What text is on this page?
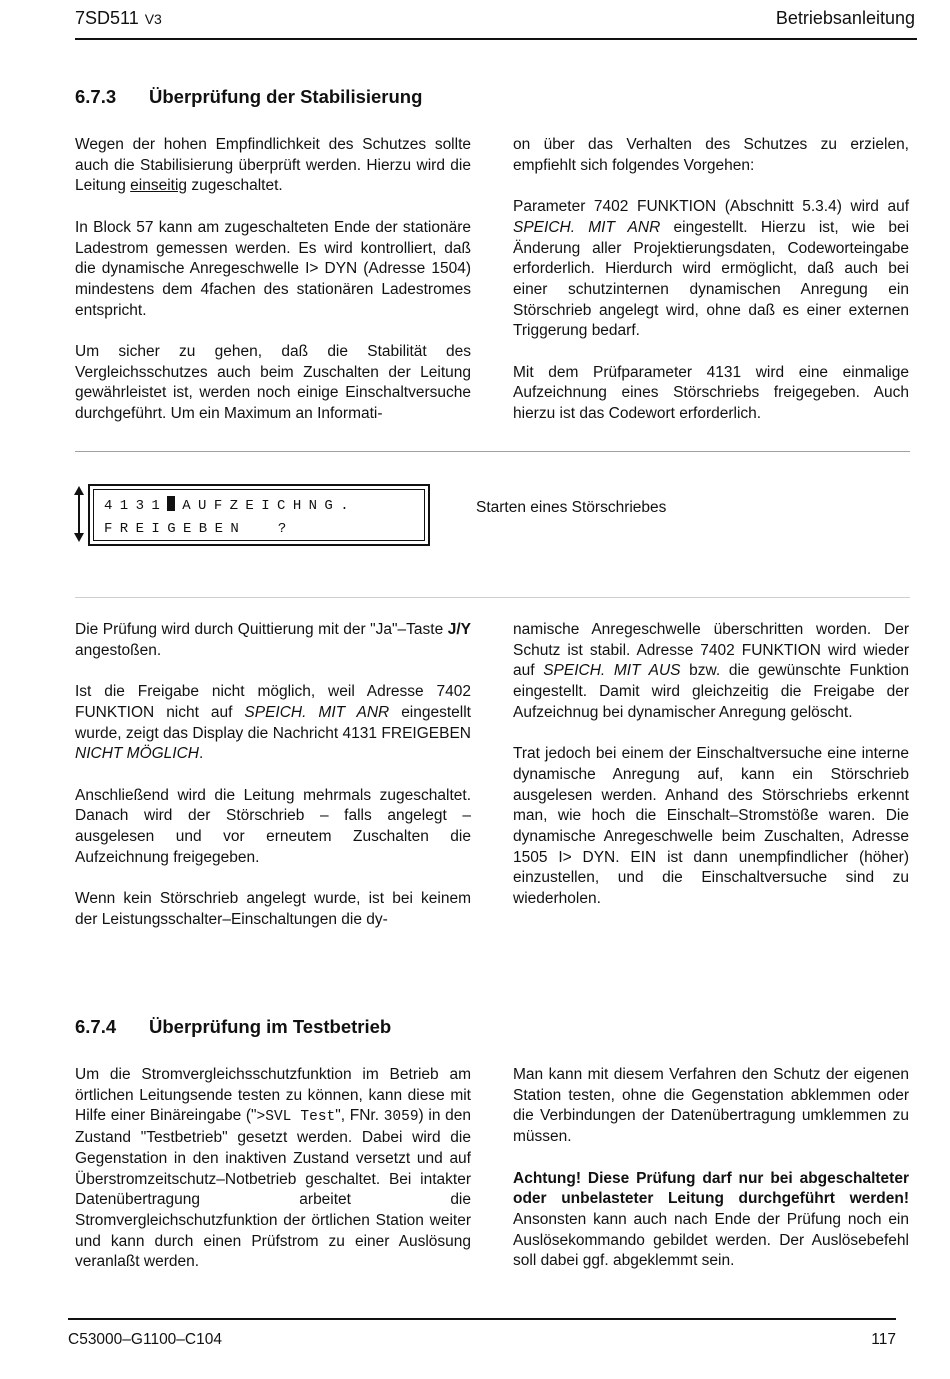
7SD511 V3	Betriebsanleitung
6.7.3 Überprüfung der Stabilisierung

Wegen der hohen Empfindlichkeit des Schutzes sollte auch die Stabilisierung überprüft werden. Hierzu wird die Leitung einseitig zugeschaltet.

In Block 57 kann am zugeschalteten Ende der stationäre Ladestrom gemessen werden. Es wird kontrolliert, daß die dynamische Anregeschwelle I> DYN (Adresse 1504) mindestens dem 4fachen des stationären Ladestromes entspricht.

Um sicher zu gehen, daß die Stabilität des Vergleichsschutzes auch beim Zuschalten der Leitung gewährleistet ist, werden noch einige Einschaltversuche durchgeführt. Um ein Maximum an Informati-

on über das Verhalten des Schutzes zu erzielen, empfiehlt sich folgendes Vorgehen:

Parameter 7402 FUNKTION (Abschnitt 5.3.4) wird auf SPEICH. MIT ANR eingestellt. Hierzu ist, wie bei Änderung aller Projektierungsdaten, Codeworteingabe erforderlich. Hierdurch wird ermöglicht, daß auch bei einer schutzinternen dynamischen Anregung ein Störschrieb angelegt wird, ohne daß es einer externen Triggerung bedarf.

Mit dem Prüfparameter 4131 wird eine einmalige Aufzeichnung eines Störschriebs freigegeben. Auch hierzu ist das Codewort erforderlich.

4131 AUFZEICHNG.
FREIGEBEN  ?
Starten eines Störschriebes

Die Prüfung wird durch Quittierung mit der "Ja"–Taste J/Y angestoßen.

Ist die Freigabe nicht möglich, weil Adresse 7402 FUNKTION nicht auf SPEICH. MIT ANR eingestellt wurde, zeigt das Display die Nachricht 4131 FREIGEBEN NICHT MÖGLICH.

Anschließend wird die Leitung mehrmals zugeschaltet. Danach wird der Störschrieb – falls angelegt – ausgelesen und vor erneutem Zuschalten die Aufzeichnung freigegeben.

Wenn kein Störschrieb angelegt wurde, ist bei keinem der Leistungsschalter–Einschaltungen die dy-

namische Anregeschwelle überschritten worden. Der Schutz ist stabil. Adresse 7402 FUNKTION wird wieder auf SPEICH. MIT AUS bzw. die gewünschte Funktion eingestellt. Damit wird gleichzeitig die Freigabe der Aufzeichnug bei dynamischer Anregung gelöscht.

Trat jedoch bei einem der Einschaltversuche eine interne dynamische Anregung auf, kann ein Störschrieb ausgelesen werden. Anhand des Störschriebs erkennt man, wie hoch die Einschalt–Stromstöße waren. Die dynamische Anregeschwelle beim Zuschalten, Adresse 1505 I> DYN. EIN ist dann unempfindlicher (höher) einzustellen, und die Einschaltversuche sind zu wiederholen.

6.7.4 Überprüfung im Testbetrieb

Um die Stromvergleichsschutzfunktion im Betrieb am örtlichen Leitungsende testen zu können, kann diese mit Hilfe einer Binäreingabe (">SVL Test", FNr. 3059) in den Zustand "Testbetrieb" gesetzt werden. Dabei wird die Gegenstation in den inaktiven Zustand versetzt und auf Überstromzeitschutz–Notbetrieb geschaltet. Bei intakter Datenübertragung arbeitet die Stromvergleichschutzfunktion der örtlichen Station weiter und kann durch einen Prüfstrom zu einer Auslösung veranlaßt werden.

Man kann mit diesem Verfahren den Schutz der eigenen Station testen, ohne die Gegenstation abklemmen oder die Verbindungen der Datenübertragung umklemmen zu müssen.

Achtung! Diese Prüfung darf nur bei abgeschalteter oder unbelasteter Leitung durchgeführt werden! Ansonsten kann auch nach Ende der Prüfung noch ein Auslösekommando gebildet werden. Der Auslösebefehl soll dabei ggf. abgeklemmt sein.

C53000–G1100–C104	117
